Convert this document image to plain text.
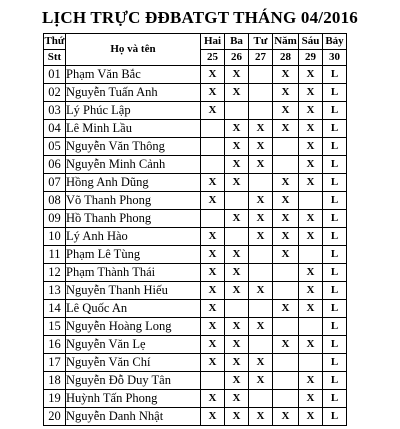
LỊCH TRỰC ĐĐBATGT THÁNG 04/2016
Thứ	Họ và tên	Hai	Ba	Tư	Năm	Sáu	Bảy
Stt		25	26	27	28	29	30
01	Phạm Văn Bắc	X	X		X	X	L
02	Nguyễn Tuấn Anh	X	X		X	X	L
03	Lý Phúc Lập	X			X	X	L
04	Lê Minh Lầu		X	X	X	X	L
05	Nguyễn Văn Thông		X	X		X	L
06	Nguyễn Minh Cảnh		X	X		X	L
07	Hồng Anh Dũng	X	X		X	X	L
08	Võ Thanh Phong	X		X	X		L
09	Hồ Thanh Phong		X	X	X	X	L
10	Lý Anh Hào	X		X	X	X	L
11	Phạm Lê Tùng	X	X		X		L
12	Phạm Thành Thái	X	X			X	L
13	Nguyễn Thanh Hiếu	X	X	X		X	L
14	Lê Quốc An	X			X	X	L
15	Nguyễn Hoàng Long	X	X	X			L
16	Nguyễn Văn Lẹ	X	X		X	X	L
17	Nguyễn Văn Chí	X	X	X			L
18	Nguyễn Đỗ Duy Tân		X	X		X	L
19	Huỳnh Tấn Phong	X	X			X	L
20	Nguyễn Danh Nhật	X	X	X	X	X	L
